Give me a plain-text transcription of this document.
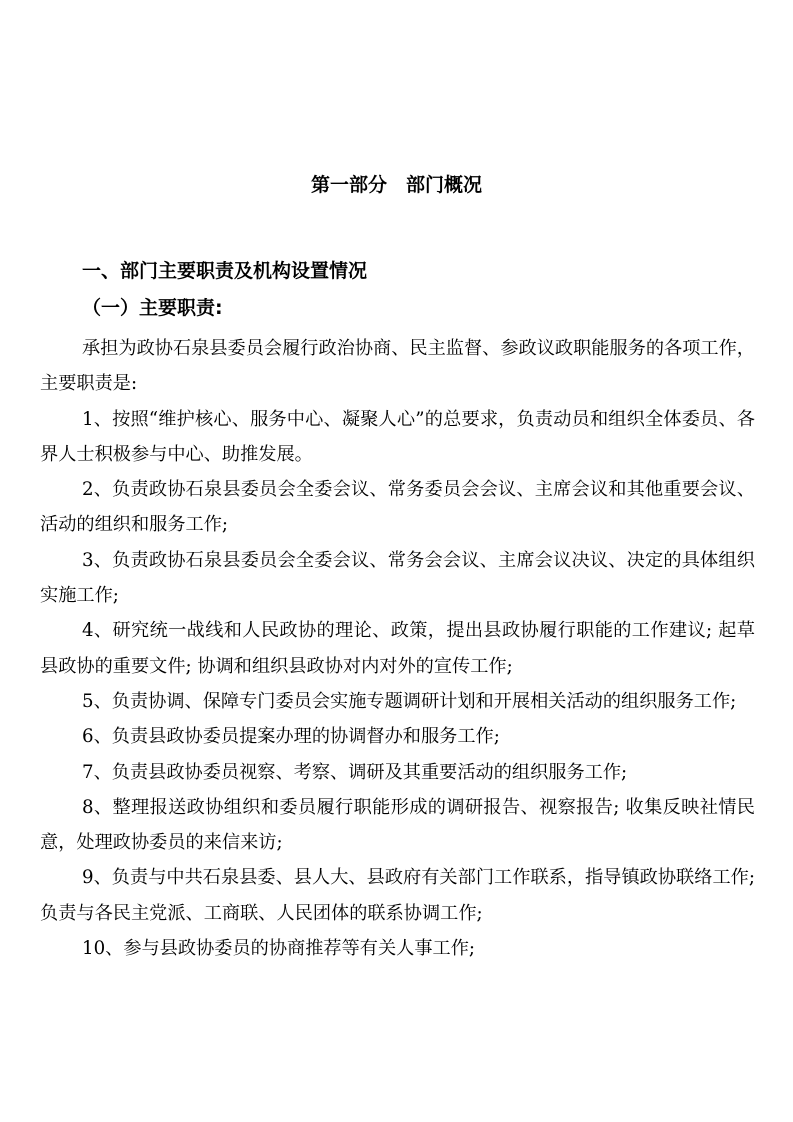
第一部分　部门概况
一、部门主要职责及机构设置情况
（一）主要职责:

承担为政协石泉县委员会履行政治协商、民主监督、参政议政职能服务的各项工作，主要职责是:

1、按照“维护核心、服务中心、凝聚人心”的总要求，负责动员和组织全体委员、各界人士积极参与中心、助推发展。

2、负责政协石泉县委员会全委会议、常务委员会会议、主席会议和其他重要会议、活动的组织和服务工作;

3、负责政协石泉县委员会全委会议、常务会会议、主席会议决议、决定的具体组织实施工作;

4、研究统一战线和人民政协的理论、政策，提出县政协履行职能的工作建议; 起草县政协的重要文件; 协调和组织县政协对内对外的宣传工作;

5、负责协调、保障专门委员会实施专题调研计划和开展相关活动的组织服务工作;

6、负责县政协委员提案办理的协调督办和服务工作;

7、负责县政协委员视察、考察、调研及其重要活动的组织服务工作;

8、整理报送政协组织和委员履行职能形成的调研报告、视察报告; 收集反映社情民意，处理政协委员的来信来访;

9、负责与中共石泉县委、县人大、县政府有关部门工作联系，指导镇政协联络工作; 负责与各民主党派、工商联、人民团体的联系协调工作;

10、参与县政协委员的协商推荐等有关人事工作;
